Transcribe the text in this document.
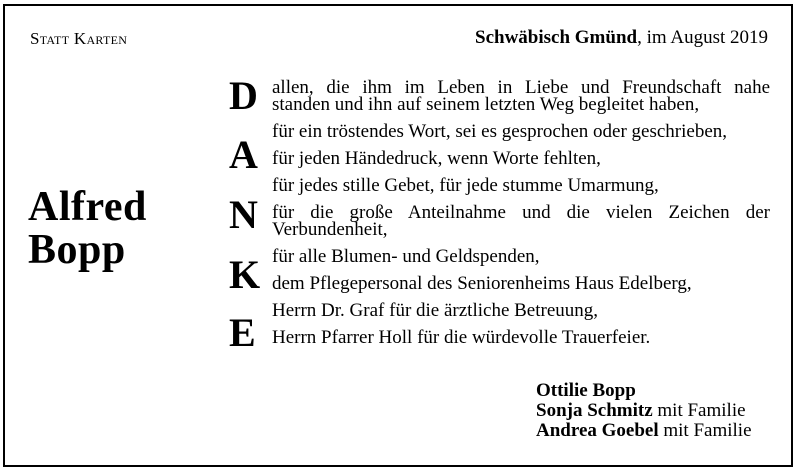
Statt Karten	Schwäbisch Gmünd, im August 2019
Alfred
Bopp
D
A
N
K
E
allen, die ihm im Leben in Liebe und Freundschaft nahe
standen und ihn auf seinem letzten Weg begleitet haben,
für ein tröstendes Wort, sei es gesprochen oder geschrieben,
für jeden Händedruck, wenn Worte fehlten,
für jedes stille Gebet, für jede stumme Umarmung,
für die große Anteilnahme und die vielen Zeichen der
Verbundenheit,
für alle Blumen- und Geldspenden,
dem Pflegepersonal des Seniorenheims Haus Edelberg,
Herrn Dr. Graf für die ärztliche Betreuung,
Herrn Pfarrer Holl für die würdevolle Trauerfeier.
Ottilie Bopp
Sonja Schmitz mit Familie
Andrea Goebel mit Familie
